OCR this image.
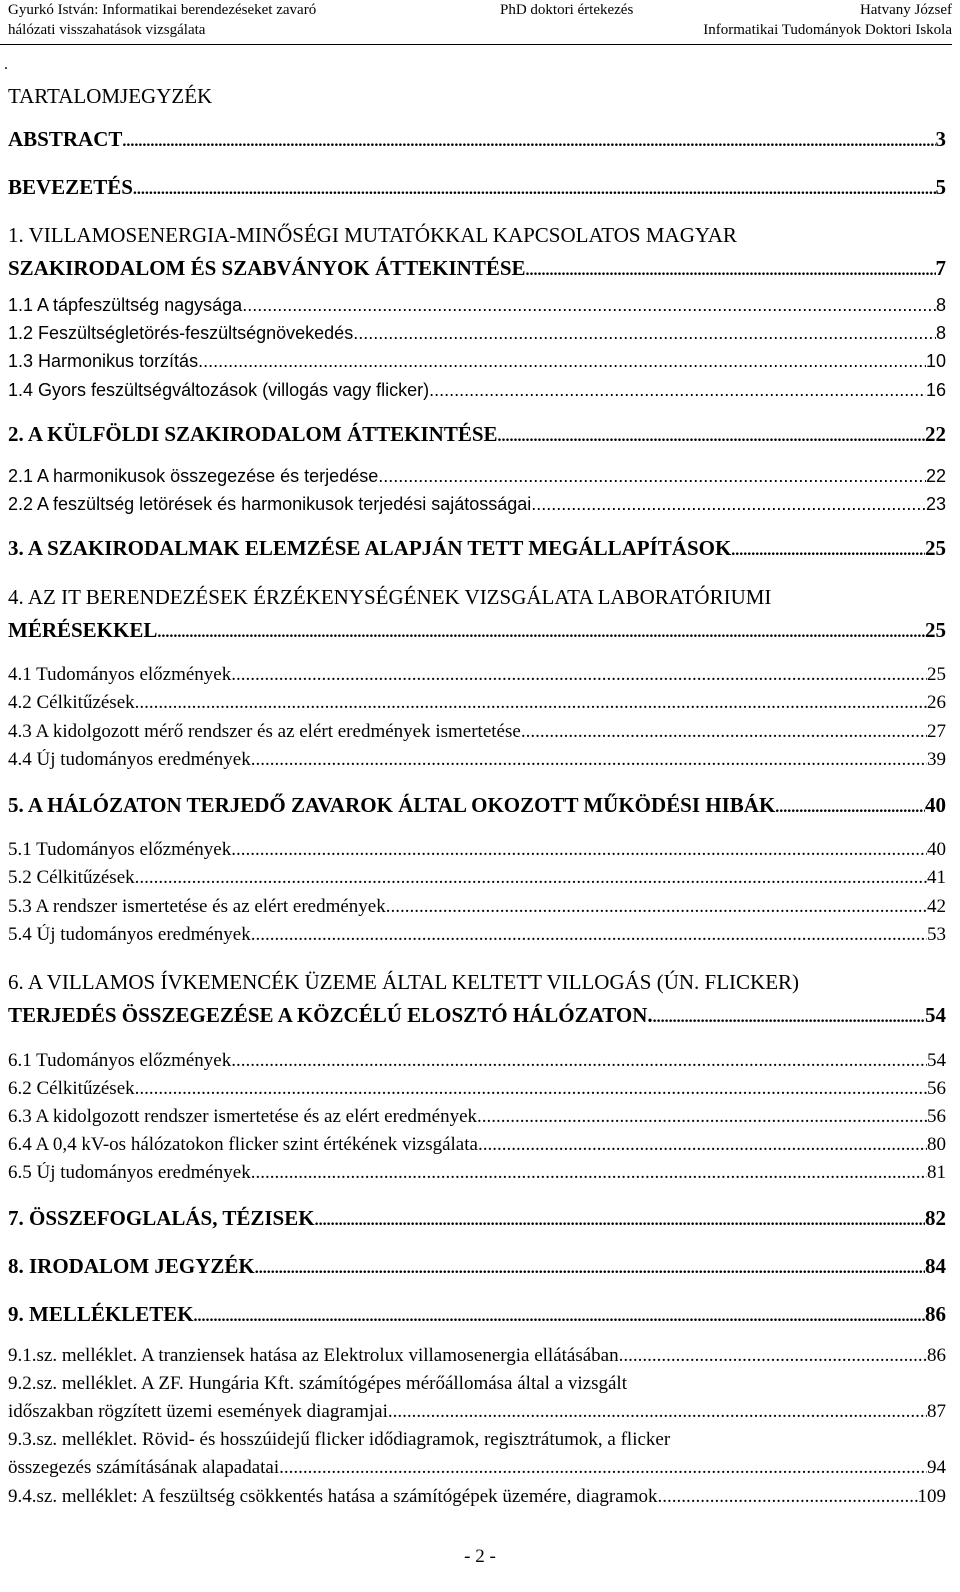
Gyurkó István: Informatikai berendezéseket zavaró
hálózati visszahatások vizsgálata
PhD doktori értekezés	Hatvany József
Informatikai Tudományok Doktori Iskola
.
TARTALOMJEGYZÉK
ABSTRACT .....	3
BEVEZETÉS .....	5
1. VILLAMOSENERGIA-MINŐSÉGI MUTATÓKKAL KAPCSOLATOS MAGYAR
SZAKIRODALOM ÉS SZABVÁNYOK ÁTTEKINTÉSE .....	7
1.1 A tápfeszültség nagysága .....	8
1.2 Feszültségletörés-feszültségnövekedés .....	8
1.3 Harmonikus torzítás .....	10
1.4 Gyors feszültségváltozások (villogás vagy flicker) .....	16
2. A KÜLFÖLDI SZAKIRODALOM ÁTTEKINTÉSE .....	22
2.1 A harmonikusok összegezése és terjedése .....	22
2.2 A feszültség letörések és harmonikusok terjedési sajátosságai .....	23
3. A SZAKIRODALMAK ELEMZÉSE ALAPJÁN TETT MEGÁLLAPÍTÁSOK .....	25
4. AZ IT BERENDEZÉSEK ÉRZÉKENYSÉGÉNEK VIZSGÁLATA LABORATÓRIUMI
MÉRÉSEKKEL .....	25
4.1 Tudományos előzmények .....	25
4.2 Célkitűzések .....	26
4.3 A kidolgozott mérő rendszer és az elért eredmények ismertetése .....	27
4.4 Új tudományos eredmények .....	39
5. A HÁLÓZATON TERJEDŐ ZAVAROK ÁLTAL OKOZOTT MŰKÖDÉSI HIBÁK .....	40
5.1 Tudományos előzmények .....	40
5.2 Célkitűzések .....	41
5.3 A rendszer ismertetése és az elért eredmények .....	42
5.4 Új tudományos eredmények .....	53
6. A VILLAMOS ÍVKEMENCÉK ÜZEME ÁLTAL KELTETT VILLOGÁS (ÚN. FLICKER)
TERJEDÉS ÖSSZEGEZÉSE A KÖZCÉLÚ ELOSZTÓ HÁLÓZATON. .....	54
6.1 Tudományos előzmények .....	54
6.2 Célkitűzések .....	56
6.3 A kidolgozott rendszer ismertetése és az elért eredmények .....	56
6.4 A 0,4 kV-os hálózatokon flicker szint értékének vizsgálata .....	80
6.5 Új tudományos eredmények .....	81
7. ÖSSZEFOGLALÁS, TÉZISEK .....	82
8. IRODALOM JEGYZÉK .....	84
9. MELLÉKLETEK .....	86
9.1.sz. melléklet. A tranziensek hatása az Elektrolux villamosenergia ellátásában. .....	86
9.2.sz. melléklet. A ZF. Hungária Kft. számítógépes mérőállomása által a vizsgált
időszakban rögzített üzemi események diagramjai. .....	87
9.3.sz. melléklet. Rövid- és hosszúidejű flicker idődiagramok, regisztrátumok, a flicker
összegezés számításának alapadatai .....	94
9.4.sz. melléklet: A feszültség csökkentés hatása a számítógépek üzemére, diagramok .....	109
- 2 -
